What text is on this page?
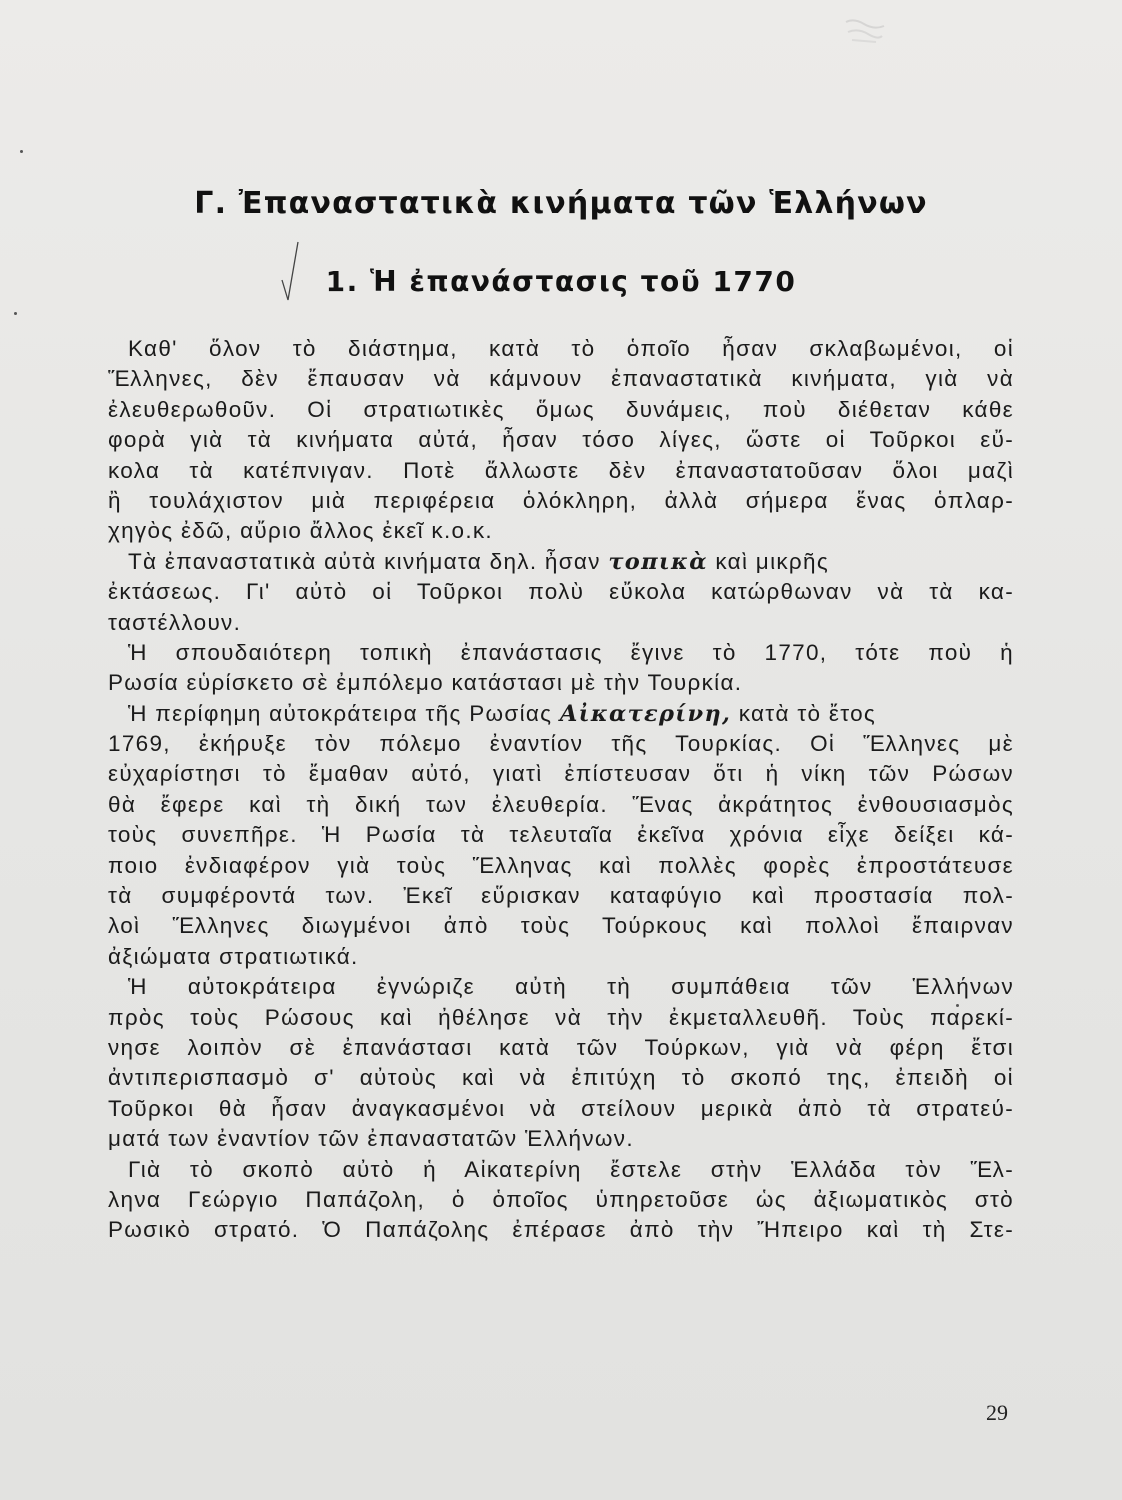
Γ. Ἐπαναστατικὰ κινήματα τῶν Ἑλλήνων
1. Ἡ ἐπανάστασις τοῦ 1770
Καθ' ὅλον τὸ διάστημα, κατὰ τὸ ὁποῖο ἦσαν σκλαβωμένοι, οἱ
Ἕλληνες, δὲν ἔπαυσαν νὰ κάμνουν ἐπαναστατικὰ κινήματα, γιὰ νὰ
ἐλευθερωθοῦν. Οἱ στρατιωτικὲς ὅμως δυνάμεις, ποὺ διέθεταν κάθε
φορὰ γιὰ τὰ κινήματα αὐτά, ἦσαν τόσο λίγες, ὥστε οἱ Τοῦρκοι εὔ-
κολα τὰ κατέπνιγαν. Ποτὲ ἄλλωστε δὲν ἐπαναστατοῦσαν ὅλοι μαζὶ
ἢ τουλάχιστον μιὰ περιφέρεια ὁλόκληρη, ἀλλὰ σήμερα ἕνας ὁπλαρ-
χηγὸς ἐδῶ, αὔριο ἄλλος ἐκεῖ κ.ο.κ.
Τὰ ἐπαναστατικὰ αὐτὰ κινήματα δηλ. ἦσαν τοπικὰ καὶ μικρῆς
ἐκτάσεως. Γι' αὐτὸ οἱ Τοῦρκοι πολὺ εὔκολα κατώρθωναν νὰ τὰ κα-
ταστέλλουν.
Ἡ σπουδαιότερη τοπικὴ ἐπανάστασις ἔγινε τὸ 1770, τότε ποὺ ἡ
Ρωσία εὑρίσκετο σὲ ἐμπόλεμο κατάστασι μὲ τὴν Τουρκία.
Ἡ περίφημη αὐτοκράτειρα τῆς Ρωσίας Αἰκατερίνη, κατὰ τὸ ἔτος
1769, ἐκήρυξε τὸν πόλεμο ἐναντίον τῆς Τουρκίας. Οἱ Ἕλληνες μὲ
εὐχαρίστησι τὸ ἔμαθαν αὐτό, γιατὶ ἐπίστευσαν ὅτι ἡ νίκη τῶν Ρώσων
θὰ ἔφερε καὶ τὴ δική των ἐλευθερία. Ἕνας ἀκράτητος ἐνθουσιασμὸς
τοὺς συνεπῆρε. Ἡ Ρωσία τὰ τελευταῖα ἐκεῖνα χρόνια εἶχε δείξει κά-
ποιο ἐνδιαφέρον γιὰ τοὺς Ἕλληνας καὶ πολλὲς φορὲς ἐπροστάτευσε
τὰ συμφέροντά των. Ἐκεῖ εὕρισκαν καταφύγιο καὶ προστασία πολ-
λοὶ Ἕλληνες διωγμένοι ἀπὸ τοὺς Τούρκους καὶ πολλοὶ ἔπαιρναν
ἀξιώματα στρατιωτικά.
Ἡ αὐτοκράτειρα ἐγνώριζε αὐτὴ τὴ συμπάθεια τῶν Ἑλλήνων
πρὸς τοὺς Ρώσους καὶ ἠθέλησε νὰ τὴν ἐκμεταλλευθῆ. Τοὺς παρεκί-
νησε λοιπὸν σὲ ἐπανάστασι κατὰ τῶν Τούρκων, γιὰ νὰ φέρη ἔτσι
ἀντιπερισπασμὸ σ' αὐτοὺς καὶ νὰ ἐπιτύχη τὸ σκοπό της, ἐπειδὴ οἱ
Τοῦρκοι θὰ ἦσαν ἀναγκασμένοι νὰ στείλουν μερικὰ ἀπὸ τὰ στρατεύ-
ματά των ἐναντίον τῶν ἐπαναστατῶν Ἑλλήνων.
Γιὰ τὸ σκοπὸ αὐτὸ ἡ Αἰκατερίνη ἔστελε στὴν Ἑλλάδα τὸν Ἕλ-
ληνα Γεώργιο Παπάζολη, ὁ ὁποῖος ὑπηρετοῦσε ὡς ἀξιωματικὸς στὸ
Ρωσικὸ στρατό. Ὁ Παπάζολης ἐπέρασε ἀπὸ τὴν Ἤπειρο καὶ τὴ Στε-
29
